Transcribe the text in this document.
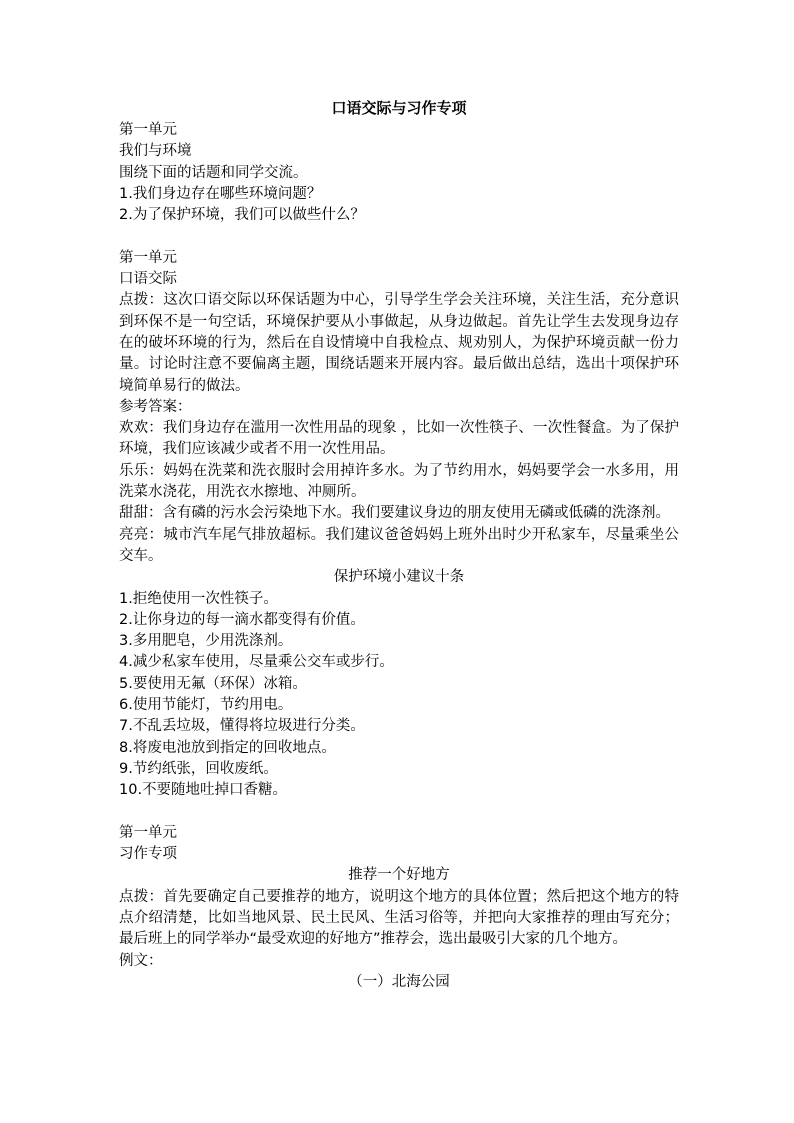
口语交际与习作专项
第一单元
我们与环境
围绕下面的话题和同学交流。
1.我们身边存在哪些环境问题？
2.为了保护环境，我们可以做些什么？
第一单元
口语交际
点拨：这次口语交际以环保话题为中心，引导学生学会关注环境，关注生活，充分意识到环保不是一句空话，环境保护要从小事做起，从身边做起。首先让学生去发现身边存在的破坏环境的行为，然后在自设情境中自我检点、规劝别人，为保护环境贡献一份力量。讨论时注意不要偏离主题，围绕话题来开展内容。最后做出总结，选出十项保护环境简单易行的做法。
参考答案：
欢欢：我们身边存在滥用一次性用品的现象 ，比如一次性筷子、一次性餐盒。为了保护环境，我们应该减少或者不用一次性用品。
乐乐：妈妈在洗菜和洗衣服时会用掉许多水。为了节约用水，妈妈要学会一水多用，用洗菜水浇花，用洗衣水擦地、冲厕所。
甜甜：含有磷的污水会污染地下水。我们要建议身边的朋友使用无磷或低磷的洗涤剂。
亮亮：城市汽车尾气排放超标。我们建议爸爸妈妈上班外出时少开私家车，尽量乘坐公交车。
保护环境小建议十条
1.拒绝使用一次性筷子。
2.让你身边的每一滴水都变得有价值。
3.多用肥皂，少用洗涤剂。
4.减少私家车使用，尽量乘公交车或步行。
5.要使用无氟（环保）冰箱。
6.使用节能灯，节约用电。
7.不乱丢垃圾，懂得将垃圾进行分类。
8.将废电池放到指定的回收地点。
9.节约纸张，回收废纸。
10.不要随地吐掉口香糖。
第一单元
习作专项
推荐一个好地方
点拨：首先要确定自己要推荐的地方，说明这个地方的具体位置；然后把这个地方的特点介绍清楚，比如当地风景、民土民风、生活习俗等，并把向大家推荐的理由写充分；最后班上的同学举办“最受欢迎的好地方”推荐会，选出最吸引大家的几个地方。
例文：
（一）北海公园
